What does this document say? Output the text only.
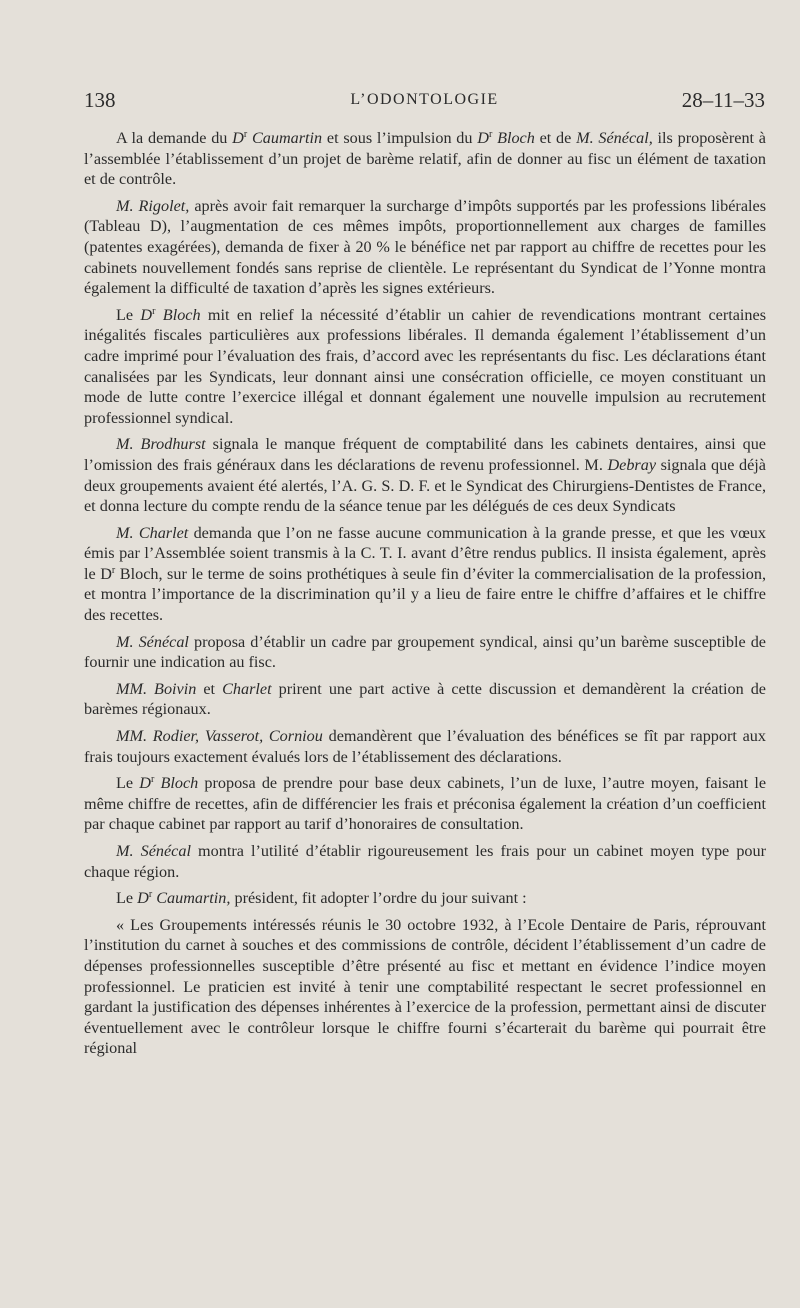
138	L’ODONTOLOGIE	28–11–33

A la demande du $D^r$ Caumartin et sous l’impulsion du $D^r$ Bloch et de M. Sénécal, ils proposèrent à l’assemblée l’établissement d’un projet de barème relatif, afin de donner au fisc un élément de taxation et de contrôle.

M. Rigolet, après avoir fait remarquer la surcharge d’impôts supportés par les professions libérales (Tableau D), l’augmentation de ces mêmes impôts, proportionnellement aux charges de familles (patentes exagérées), demanda de fixer à 20 % le bénéfice net par rapport au chiffre de recettes pour les cabinets nouvellement fondés sans reprise de clientèle. Le représentant du Syndicat de l’Yonne montra également la difficulté de taxation d’après les signes extérieurs.

Le $D^r$ Bloch mit en relief la nécessité d’établir un cahier de revendications montrant certaines inégalités fiscales particulières aux professions libérales. Il demanda également l’établissement d’un cadre imprimé pour l’évaluation des frais, d’accord avec les représentants du fisc. Les déclarations étant canalisées par les Syndicats, leur donnant ainsi une consécration officielle, ce moyen constituant un mode de lutte contre l’exercice illégal et donnant également une nouvelle impulsion au recrutement professionnel syndical.

M. Brodhurst signala le manque fréquent de comptabilité dans les cabinets dentaires, ainsi que l’omission des frais généraux dans les déclarations de revenu professionnel. M. Debray signala que déjà deux groupements avaient été alertés, l’A. G. S. D. F. et le Syndicat des Chirurgiens-Dentistes de France, et donna lecture du compte rendu de la séance tenue par les délégués de ces deux Syndicats

M. Charlet demanda que l’on ne fasse aucune communication à la grande presse, et que les vœux émis par l’Assemblée soient transmis à la C. T. I. avant d’être rendus publics. Il insista également, après le $D^r$ Bloch, sur le terme de soins prothétiques à seule fin d’éviter la commercialisation de la profession, et montra l’importance de la discrimination qu’il y a lieu de faire entre le chiffre d’affaires et le chiffre des recettes.

M. Sénécal proposa d’établir un cadre par groupement syndical, ainsi qu’un barème susceptible de fournir une indication au fisc.

MM. Boivin et Charlet prirent une part active à cette discussion et demandèrent la création de barèmes régionaux.

MM. Rodier, Vasserot, Corniou demandèrent que l’évaluation des bénéfices se fît par rapport aux frais toujours exactement évalués lors de l’établissement des déclarations.

Le $D^r$ Bloch proposa de prendre pour base deux cabinets, l’un de luxe, l’autre moyen, faisant le même chiffre de recettes, afin de différencier les frais et préconisa également la création d’un coefficient par chaque cabinet par rapport au tarif d’honoraires de consultation.

M. Sénécal montra l’utilité d’établir rigoureusement les frais pour un cabinet moyen type pour chaque région.

Le $D^r$ Caumartin, président, fit adopter l’ordre du jour suivant :

« Les Groupements intéressés réunis le 30 octobre 1932, à l’Ecole Dentaire de Paris, réprouvant l’institution du carnet à souches et des commissions de contrôle, décident l’établissement d’un cadre de dépenses professionnelles susceptible d’être présenté au fisc et mettant en évidence l’indice moyen professionnel. Le praticien est invité à tenir une comptabilité respectant le secret professionnel en gardant la justification des dépenses inhérentes à l’exercice de la profession, permettant ainsi de discuter éventuellement avec le contrôleur lorsque le chiffre fourni s’écarterait du barème qui pourrait être régional
